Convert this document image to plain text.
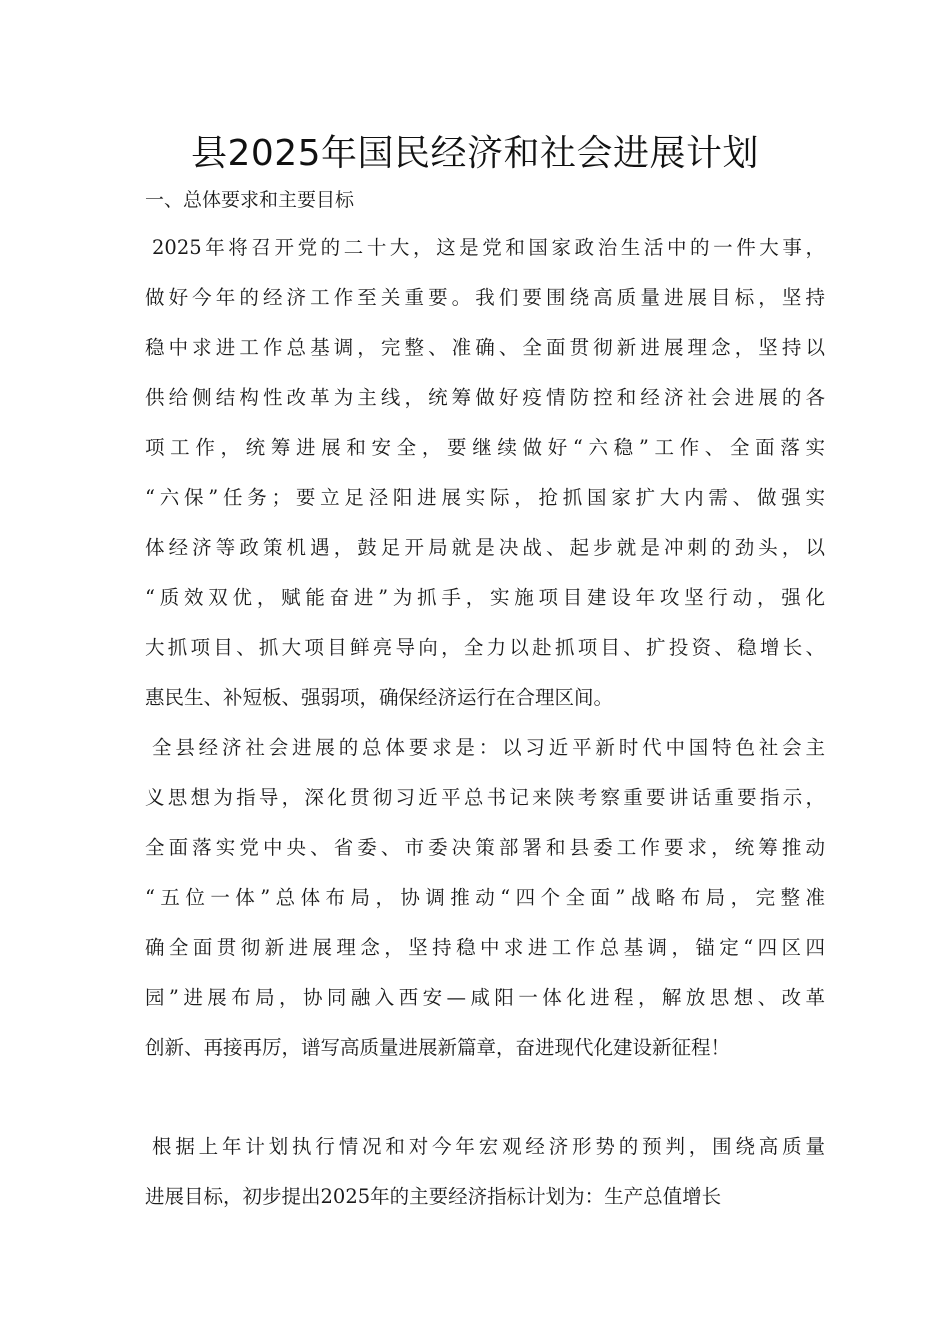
县2025年国民经济和社会进展计划
一、总体要求和主要目标
2025年将召开党的二十大，这是党和国家政治生活中的一件大事，
做好今年的经济工作至关重要。我们要围绕高质量进展目标，坚持
稳中求进工作总基调，完整、准确、全面贯彻新进展理念，坚持以
供给侧结构性改革为主线，统筹做好疫情防控和经济社会进展的各
项工作，统筹进展和安全，要继续做好“六稳”工作、全面落实
“六保”任务；要立足泾阳进展实际，抢抓国家扩大内需、做强实
体经济等政策机遇，鼓足开局就是决战、起步就是冲刺的劲头，以
“质效双优，赋能奋进”为抓手，实施项目建设年攻坚行动，强化
大抓项目、抓大项目鲜亮导向，全力以赴抓项目、扩投资、稳增长、
惠民生、补短板、强弱项，确保经济运行在合理区间。
全县经济社会进展的总体要求是：以习近平新时代中国特色社会主
义思想为指导，深化贯彻习近平总书记来陕考察重要讲话重要指示，
全面落实党中央、省委、市委决策部署和县委工作要求，统筹推动
“五位一体”总体布局，协调推动“四个全面”战略布局，完整准
确全面贯彻新进展理念，坚持稳中求进工作总基调，锚定“四区四
园”进展布局，协同融入西安—咸阳一体化进程，解放思想、改革
创新、再接再厉，谱写高质量进展新篇章，奋进现代化建设新征程！
根据上年计划执行情况和对今年宏观经济形势的预判，围绕高质量
进展目标，初步提出2025年的主要经济指标计划为：生产总值增长
